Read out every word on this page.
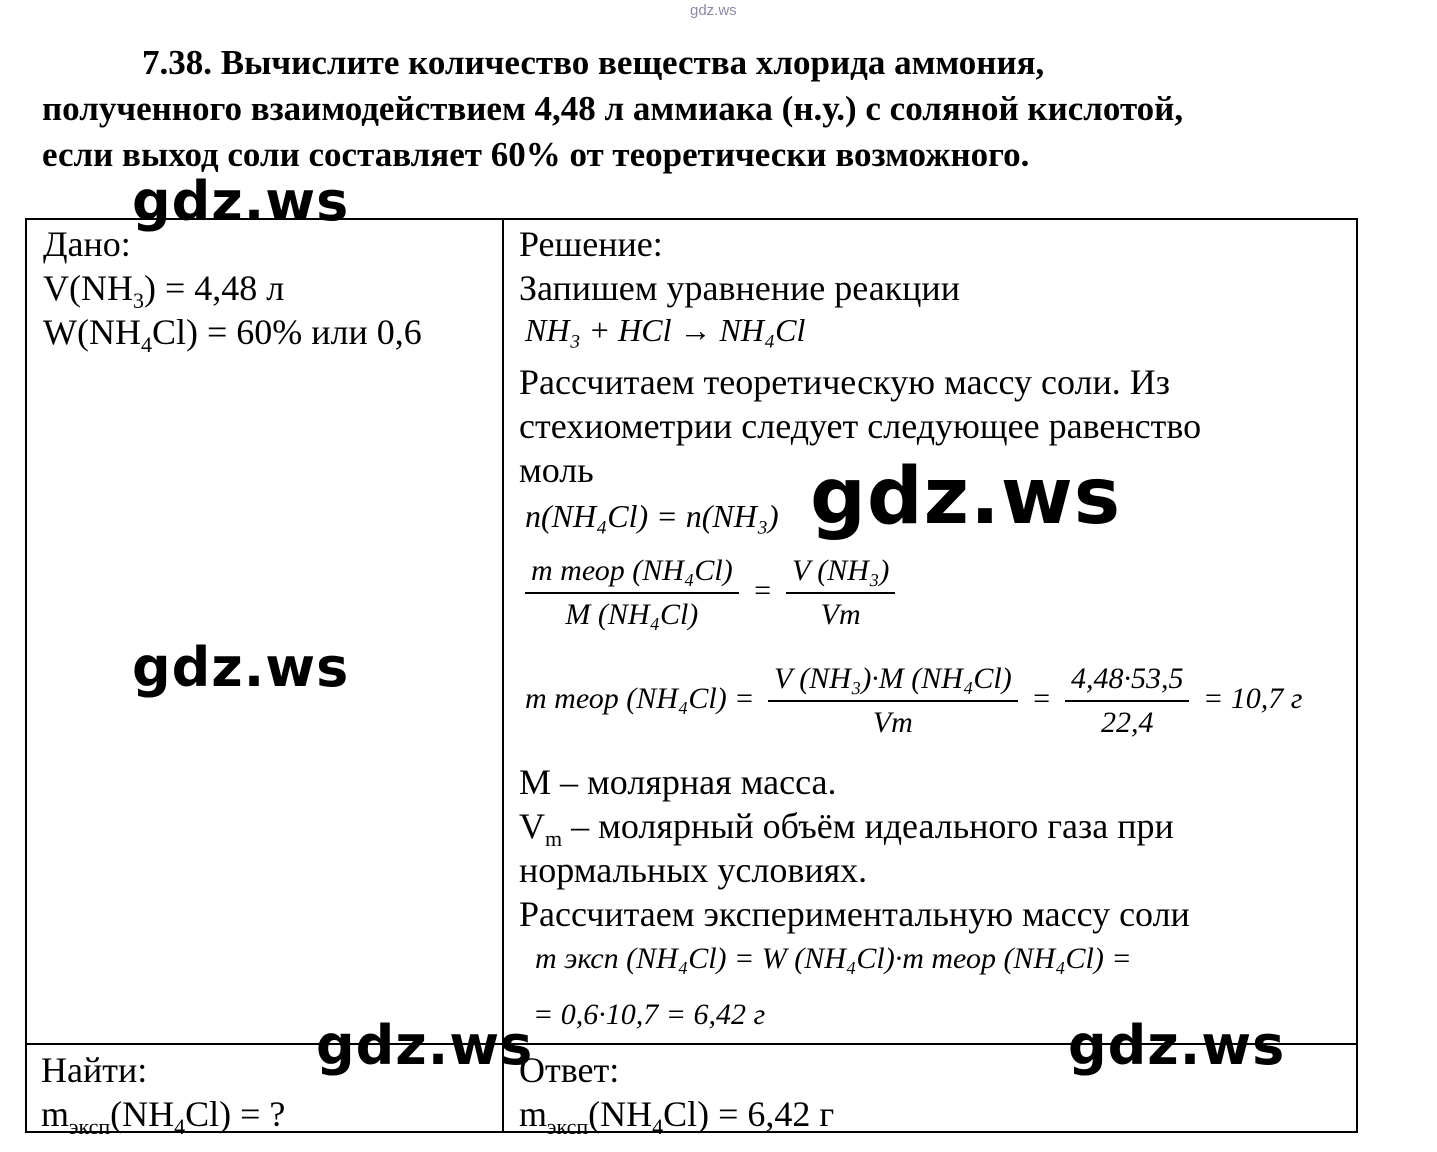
gdz.ws
7.38. Вычислите количество вещества хлорида аммония,
полученного взаимодействием 4,48 л аммиака (н.у.) с соляной кислотой,
если выход соли составляет 60% от теоретически возможного.
Дано:
$V(NH_3) = 4,48$ л
$W(NH_4Cl) = 60\%$ или 0,6
Найти:
$m_{эксп}(NH_4Cl)$ = ?
Решение:
Запишем уравнение реакции
NH₃ + HCl → NH₄Cl
Рассчитаем теоретическую массу соли. Из
стехиометрии следует следующее равенство
моль
n(NH₄Cl) = n(NH₃)
$\frac{\text{m теор (NH₄Cl)}}{\text{M (NH₄Cl)}} = \frac{\text{V (NH₃)}}{Vm}$
m теор $(NH_4Cl) = \frac{\text{V (NH₃)·M (NH₄Cl)}}{Vm} = \frac{4,48\cdot 53,5}{22,4} = 10,7$ г
M – молярная масса.
$V_m$ – молярный объём идеального газа при
нормальных условиях.
Рассчитаем экспериментальную массу соли
m эксп (NH₄Cl) = W (NH₄Cl)·m теор (NH₄Cl) =
= 0,6·10,7 = 6,42 г
Ответ:
$m_{эксп}(NH_4Cl) = 6,42$ г
gdz.ws
gdz.ws
gdz.ws
gdz.ws	gdz.ws
